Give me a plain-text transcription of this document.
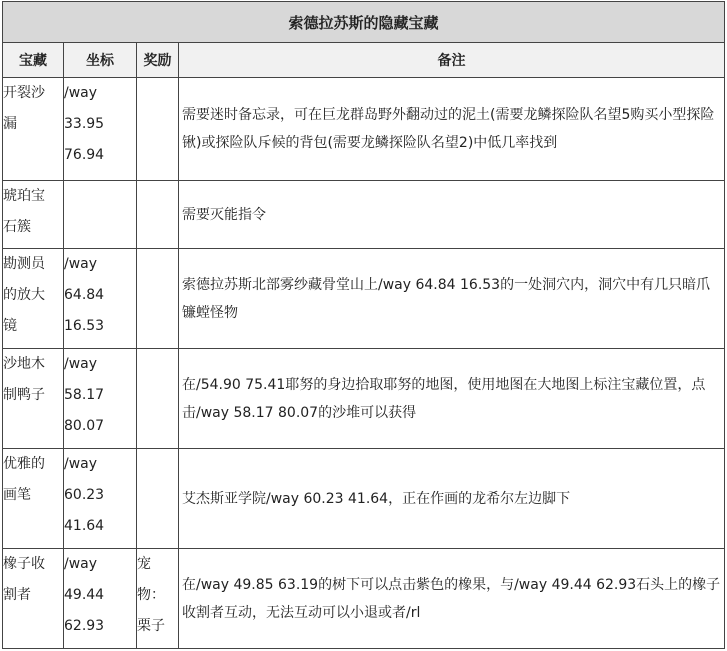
索德拉苏斯的隐藏宝藏			
宝藏	坐标	奖励	备注

开裂沙
漏	/way
33.95
76.94		需要迷时备忘录，可在巨龙群岛野外翻动过的泥土(需要龙鳞探险队名望5购买小型探险锹)或探险队斥候的背包(需要龙鳞探险队名望2)中低几率找到

琥珀宝
石簇			需要灭能指令

勘测员
的放大
镜	/way
64.84
16.53		索德拉苏斯北部雾纱藏骨堂山上/way 64.84 16.53的一处洞穴内，洞穴中有几只暗爪镰螳怪物

沙地木
制鸭子	/way
58.17
80.07		在/54.90 75.41耶努的身边拾取耶努的地图，使用地图在大地图上标注宝藏位置，点击/way 58.17 80.07的沙堆可以获得

优雅的
画笔	/way
60.23
41.64		艾杰斯亚学院/way 60.23 41.64，正在作画的龙希尔左边脚下

橡子收
割者	/way
49.44
62.93	宠
物：
栗子	在/way 49.85 63.19的树下可以点击紫色的橡果，与/way 49.44 62.93石头上的橡子收割者互动，无法互动可以小退或者/rl
